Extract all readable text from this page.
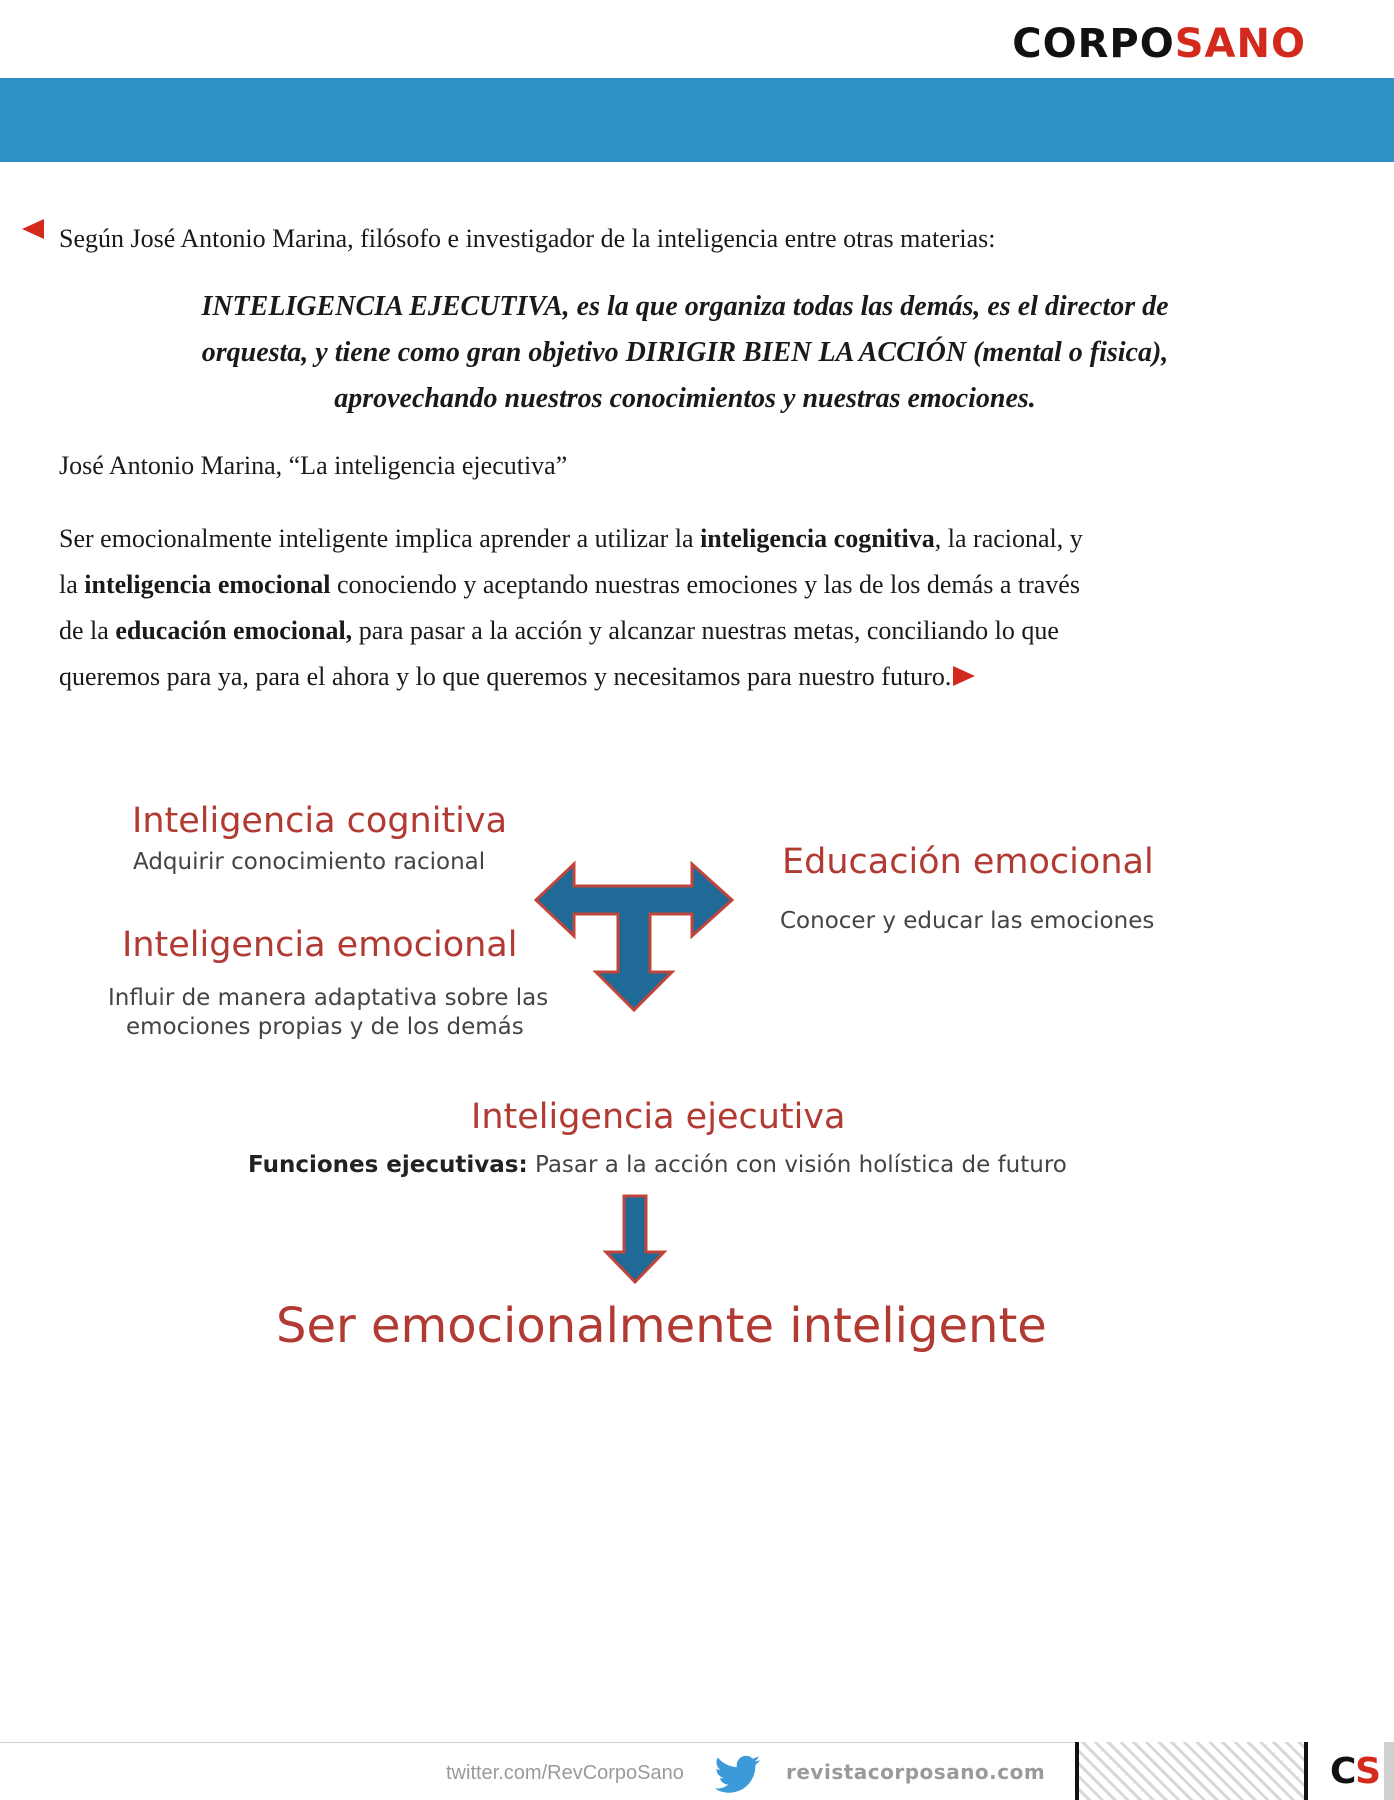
CORPOSANO
Según José Antonio Marina, filósofo e investigador de la inteligencia entre otras materias:
INTELIGENCIA EJECUTIVA, es la que organiza todas las demás, es el director de
orquesta, y tiene como gran objetivo DIRIGIR BIEN LA ACCIÓN (mental o fisica),
aprovechando nuestros conocimientos y nuestras emociones.
José Antonio Marina, “La inteligencia ejecutiva”
Ser emocionalmente inteligente implica aprender a utilizar la inteligencia cognitiva, la racional, y
la inteligencia emocional conociendo y aceptando nuestras emociones y las de los demás a través
de la educación emocional, para pasar a la acción y alcanzar nuestras metas, conciliando lo que
queremos para ya, para el ahora y lo que queremos y necesitamos para nuestro futuro.
Inteligencia cognitiva
Adquirir conocimiento racional
Inteligencia emocional
Influir de manera adaptativa sobre las
emociones propias y de los demás
Educación emocional
Conocer y educar las emociones
Inteligencia ejecutiva
Funciones ejecutivas: Pasar a la acción con visión holística de futuro
Ser emocionalmente inteligente
twitter.com/RevCorpoSano	revistacorposano.com	CS
